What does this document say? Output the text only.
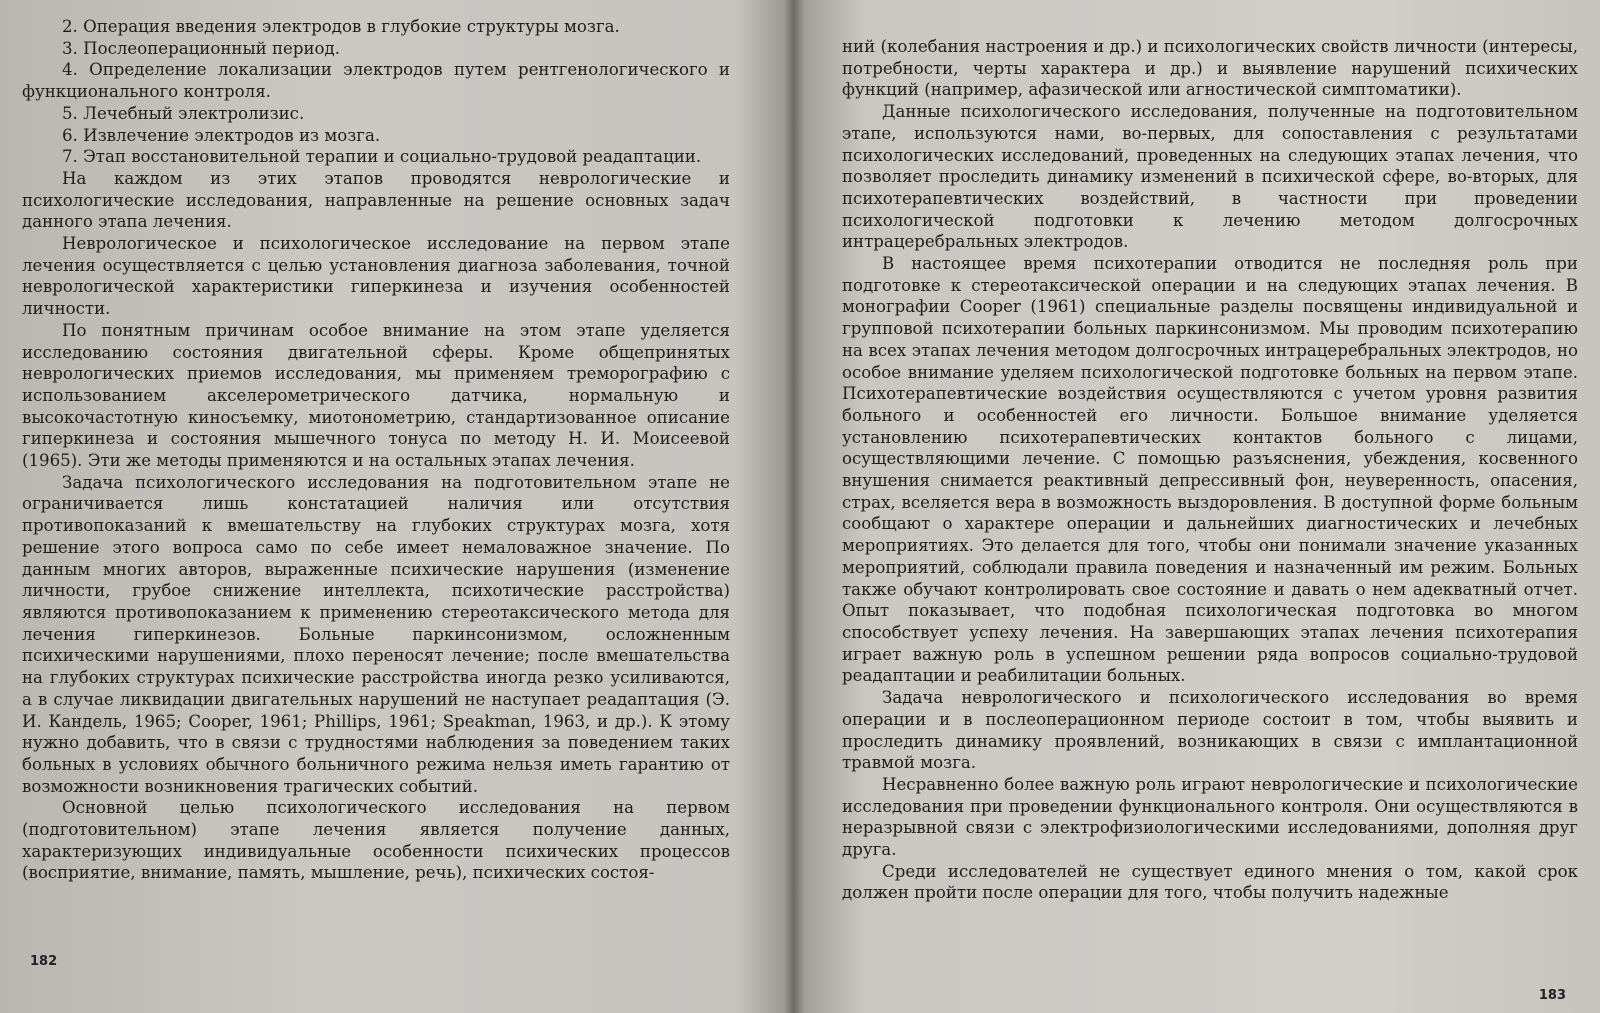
2. Операция введения электродов в глубокие структуры мозга.

3. Послеоперационный период.

4. Определение локализации электродов путем рентгенологического и функционального контроля.

5. Лечебный электролизис.

6. Извлечение электродов из мозга.

7. Этап восстановительной терапии и социально-трудовой реадаптации.

На каждом из этих этапов проводятся неврологические и психологические исследования, направленные на решение основных задач данного этапа лечения.

Неврологическое и психологическое исследование на первом этапе лечения осуществляется с целью установления диагноза заболевания, точной неврологической характеристики гиперкинеза и изучения особенностей личности.

По понятным причинам особое внимание на этом этапе уделяется исследованию состояния двигательной сферы. Кроме общепринятых неврологических приемов исследования, мы применяем треморографию с использованием акселерометрического датчика, нормальную и высокочастотную киносъемку, миотонометрию, стандартизованное описание гиперкинеза и состояния мышечного тонуса по методу Н. И. Моисеевой (1965). Эти же методы применяются и на остальных этапах лечения.

Задача психологического исследования на подготовительном этапе не ограничивается лишь констатацией наличия или отсутствия противопоказаний к вмешательству на глубоких структурах мозга, хотя решение этого вопроса само по себе имеет немаловажное значение. По данным многих авторов, выраженные психические нарушения (изменение личности, грубое снижение интеллекта, психотические расстройства) являются противопоказанием к применению стереотаксического метода для лечения гиперкинезов. Больные паркинсонизмом, осложненным психическими нарушениями, плохо переносят лечение; после вмешательства на глубоких структурах психические расстройства иногда резко усиливаются, а в случае ликвидации двигательных нарушений не наступает реадаптация (Э. И. Кандель, 1965; Cooper, 1961; Phillips, 1961; Speakman, 1963, и др.). К этому нужно добавить, что в связи с трудностями наблюдения за поведением таких больных в условиях обычного больничного режима нельзя иметь гарантию от возможности возникновения трагических событий.

Основной целью психологического исследования на первом (подготовительном) этапе лечения является получение данных, характеризующих индивидуальные особенности психических процессов (восприятие, внимание, память, мышление, речь), психических состоя-

182

ний (колебания настроения и др.) и психологических свойств личности (интересы, потребности, черты характера и др.) и выявление нарушений психических функций (например, афазической или агностической симптоматики).

Данные психологического исследования, полученные на подготовительном этапе, используются нами, во-первых, для сопоставления с результатами психологических исследований, проведенных на следующих этапах лечения, что позволяет проследить динамику изменений в психической сфере, во-вторых, для психотерапевтических воздействий, в частности при проведении психологической подготовки к лечению методом долгосрочных интрацеребральных электродов.

В настоящее время психотерапии отводится не последняя роль при подготовке к стереотаксической операции и на следующих этапах лечения. В монографии Cooper (1961) специальные разделы посвящены индивидуальной и групповой психотерапии больных паркинсонизмом. Мы проводим психотерапию на всех этапах лечения методом долгосрочных интрацеребральных электродов, но особое внимание уделяем психологической подготовке больных на первом этапе. Психотерапевтические воздействия осуществляются с учетом уровня развития больного и особенностей его личности. Большое внимание уделяется установлению психотерапевтических контактов больного с лицами, осуществляющими лечение. С помощью разъяснения, убеждения, косвенного внушения снимается реактивный депрессивный фон, неуверенность, опасения, страх, вселяется вера в возможность выздоровления. В доступной форме больным сообщают о характере операции и дальнейших диагностических и лечебных мероприятиях. Это делается для того, чтобы они понимали значение указанных мероприятий, соблюдали правила поведения и назначенный им режим. Больных также обучают контролировать свое состояние и давать о нем адекватный отчет. Опыт показывает, что подобная психологическая подготовка во многом способствует успеху лечения. На завершающих этапах лечения психотерапия играет важную роль в успешном решении ряда вопросов социально-трудовой реадаптации и реабилитации больных.

Задача неврологического и психологического исследования во время операции и в послеоперационном периоде состоит в том, чтобы выявить и проследить динамику проявлений, возникающих в связи с имплантационной травмой мозга.

Несравненно более важную роль играют неврологические и психологические исследования при проведении функционального контроля. Они осуществляются в неразрывной связи с электрофизиологическими исследованиями, дополняя друг друга.

Среди исследователей не существует единого мнения о том, какой срок должен пройти после операции для того, чтобы получить надежные

183
